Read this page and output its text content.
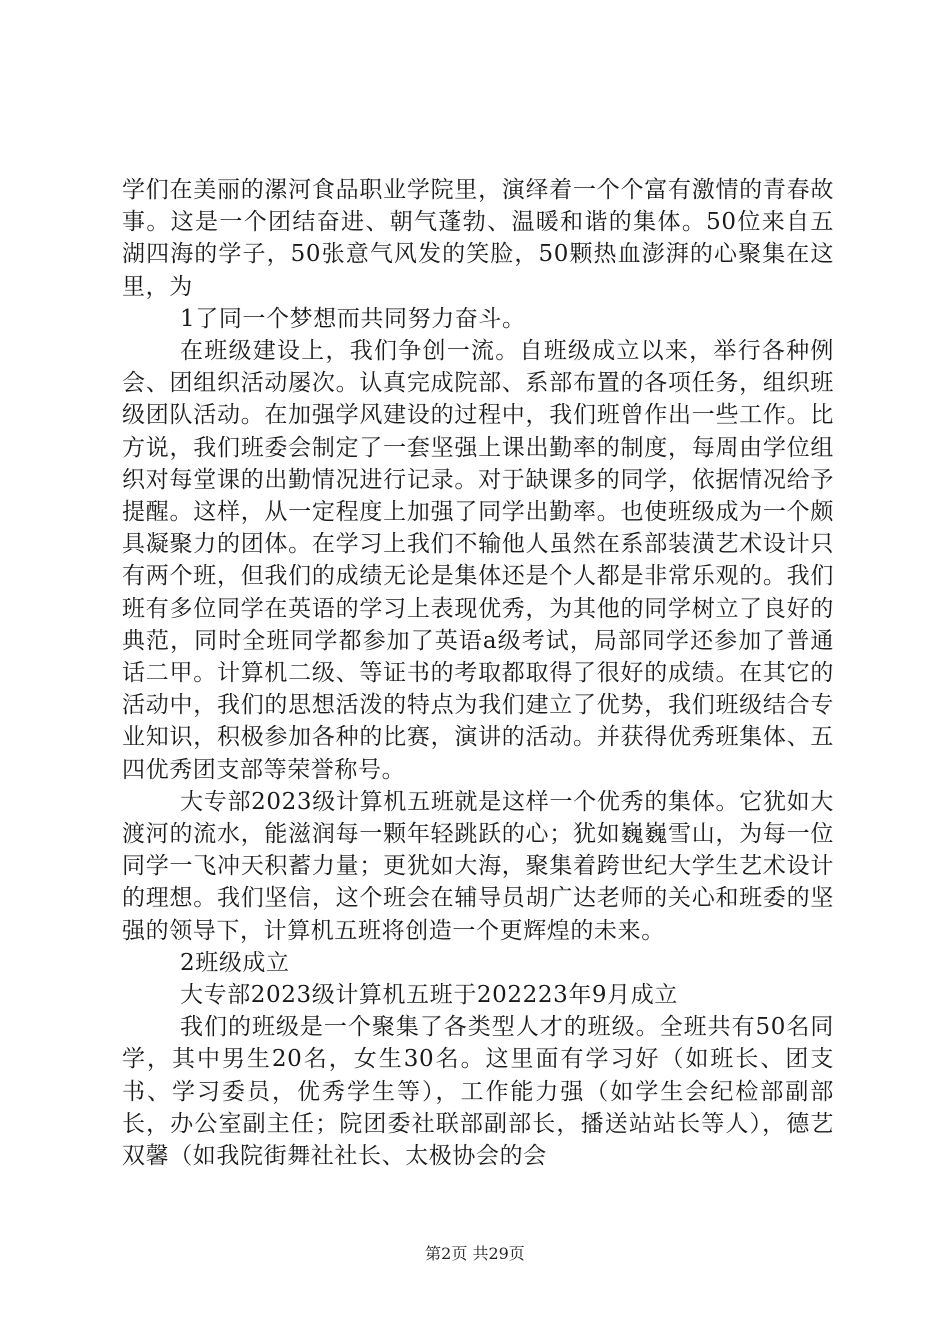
学们在美丽的漯河食品职业学院里，演绎着一个个富有激情的青春故事。这是一个团结奋进、朝气蓬勃、温暖和谐的集体。50位来自五湖四海的学子，50张意气风发的笑脸，50颗热血澎湃的心聚集在这里，为

1了同一个梦想而共同努力奋斗。

在班级建设上，我们争创一流。自班级成立以来，举行各种例会、团组织活动屡次。认真完成院部、系部布置的各项任务，组织班级团队活动。在加强学风建设的过程中，我们班曾作出一些工作。比方说，我们班委会制定了一套坚强上课出勤率的制度，每周由学位组织对每堂课的出勤情况进行记录。对于缺课多的同学，依据情况给予提醒。这样，从一定程度上加强了同学出勤率。也使班级成为一个颇具凝聚力的团体。在学习上我们不输他人虽然在系部装潢艺术设计只有两个班，但我们的成绩无论是集体还是个人都是非常乐观的。我们班有多位同学在英语的学习上表现优秀，为其他的同学树立了良好的典范，同时全班同学都参加了英语a级考试，局部同学还参加了普通话二甲。计算机二级、等证书的考取都取得了很好的成绩。在其它的活动中，我们的思想活泼的特点为我们建立了优势，我们班级结合专业知识，积极参加各种的比赛，演讲的活动。并获得优秀班集体、五四优秀团支部等荣誉称号。

大专部2023级计算机五班就是这样一个优秀的集体。它犹如大渡河的流水，能滋润每一颗年轻跳跃的心；犹如巍巍雪山，为每一位同学一飞冲天积蓄力量；更犹如大海，聚集着跨世纪大学生艺术设计的理想。我们坚信，这个班会在辅导员胡广达老师的关心和班委的坚强的领导下，计算机五班将创造一个更辉煌的未来。

2班级成立

大专部2023级计算机五班于202223年9月成立

我们的班级是一个聚集了各类型人才的班级。全班共有50名同学，其中男生20名，女生30名。这里面有学习好（如班长、团支书、学习委员，优秀学生等），工作能力强（如学生会纪检部副部长，办公室副主任；院团委社联部副部长，播送站站长等人），德艺双馨（如我院街舞社社长、太极协会的会

第2页 共29页
